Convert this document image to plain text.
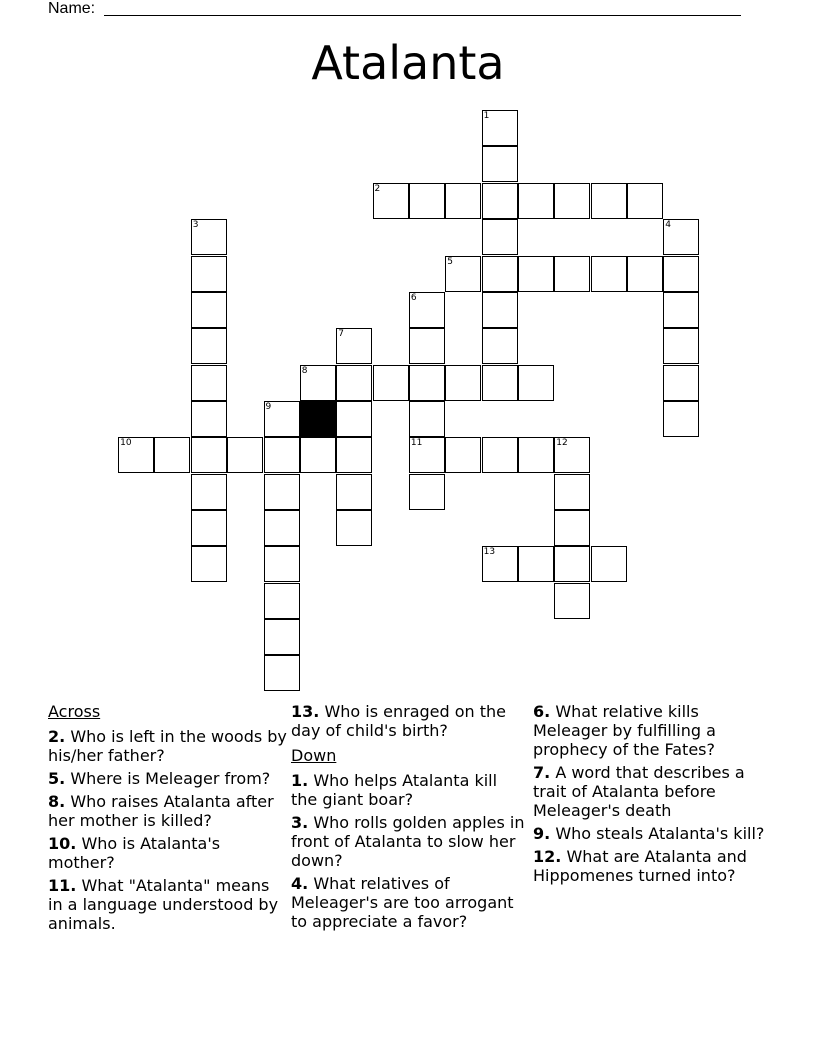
Name:
Atalanta
1
2
3	4
5
6
7
8
9
10	11	12
13
Across
2. Who is left in the woods by his/her father?
5. Where is Meleager from?
8. Who raises Atalanta after her mother is killed?
10. Who is Atalanta's mother?
11. What "Atalanta" means in a language understood by animals.
13. Who is enraged on the day of child's birth?
Down
1. Who helps Atalanta kill the giant boar?
3. Who rolls golden apples in front of Atalanta to slow her down?
4. What relatives of Meleager's are too arrogant to appreciate a favor?
6. What relative kills Meleager by fulfilling a prophecy of the Fates?
7. A word that describes a trait of Atalanta before Meleager's death
9. Who steals Atalanta's kill?
12. What are Atalanta and Hippomenes turned into?
